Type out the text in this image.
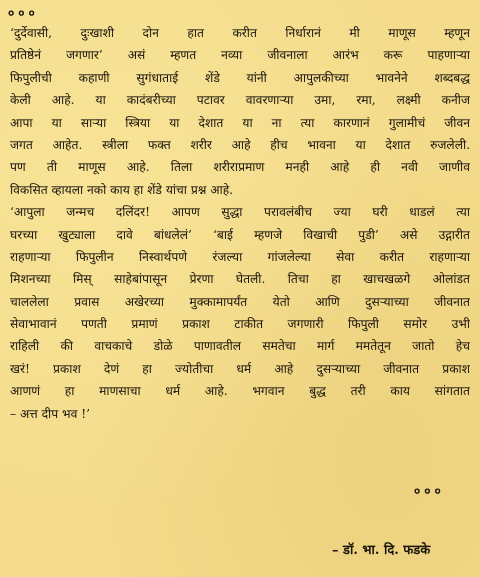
०००
‘दुर्देवासी, दुःखाशी दोन हात करीत निर्धारानं मी माणूस म्हणून
प्रतिष्ठेनं जगणार’ असं म्हणत नव्या जीवनाला आरंभ करू पाहणाऱ्या
फिपुलीची कहाणी सुगंधाताई शेंडे यांनी आपुलकीच्या भावनेने शब्दबद्ध
केली आहे. या कादंबरीच्या पटावर वावरणाऱ्या उमा, रमा, लक्ष्मी कनीज
आपा या साऱ्या स्त्रिया या देशात या ना त्या कारणानं गुलामीचं जीवन
जगत आहेत. स्त्रीला फक्त शरीर आहे हीच भावना या देशात रुजलेली.
पण ती माणूस आहे. तिला शरीराप्रमाण मनही आहे ही नवी जाणीव
विकसित व्हायला नको काय हा शेंडे यांचा प्रश्न आहे.
‘आपुला जन्मच दलिंदर! आपण सुद्धा परावलंबीच ज्या घरी धाडलं त्या
घरच्या खुट्याला दावे बांधलेलं’ ‘बाई म्हणजे विखाची पुडी’ असे उद्गारीत
राहणाऱ्या फिपुलीन निस्वार्थपणे रंजल्या गांजलेल्या सेवा करीत राहणाऱ्या
मिशनच्या मिस् साहेबांपासून प्रेरणा घेतली. तिचा हा खाचखळगे ओलांडत
चाललेला प्रवास अखेरच्या मुक्कामापर्यंत येतो आणि दुसऱ्याच्या जीवनात
सेवाभावानं पणती प्रमाणं प्रकाश टाकीत जगणारी फिपुली समोर उभी
राहिली की वाचकाचे डोळे पाणावतील समतेचा मार्ग ममतेतून जातो हेच
खरं! प्रकाश देणं हा ज्योतीचा धर्म आहे दुसऱ्याच्या जीवनात प्रकाश
आणणं हा माणसाचा धर्म आहे. भगवान बुद्ध तरी काय सांगतात
– अत्त दीप भव !’
०००
– डॉ. भा. दि. फडके
